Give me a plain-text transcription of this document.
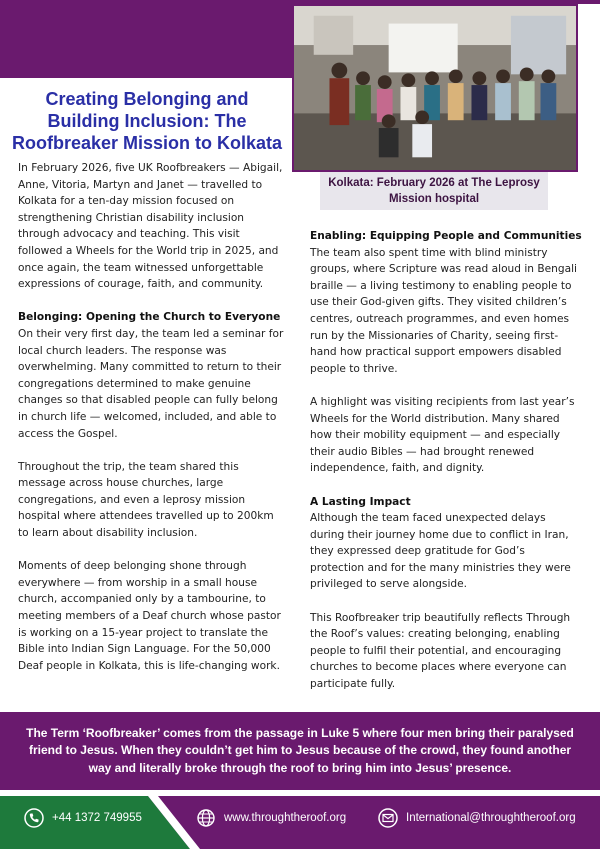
Kolkata: February 2026 at The Leprosy Mission hospital
Creating Belonging and Building Inclusion: The Roofbreaker Mission to Kolkata

In February 2026, five UK Roofbreakers — Abigail, Anne, Vitoria, Martyn and Janet — travelled to Kolkata for a ten-day mission focused on strengthening Christian disability inclusion through advocacy and teaching. This visit followed a Wheels for the World trip in 2025, and once again, the team witnessed unforgettable expressions of courage, faith, and community.

Belonging: Opening the Church to Everyone

On their very first day, the team led a seminar for local church leaders. The response was overwhelming. Many committed to return to their congregations determined to make genuine changes so that disabled people can fully belong in church life — welcomed, included, and able to access the Gospel.

Throughout the trip, the team shared this message across house churches, large congregations, and even a leprosy mission hospital where attendees travelled up to 200km to learn about disability inclusion.

Moments of deep belonging shone through everywhere — from worship in a small house church, accompanied only by a tambourine, to meeting members of a Deaf church whose pastor is working on a 15-year project to translate the Bible into Indian Sign Language. For the 50,000 Deaf people in Kolkata, this is life-changing work.

Enabling: Equipping People and Communities

The team also spent time with blind ministry groups, where Scripture was read aloud in Bengali braille — a living testimony to enabling people to use their God-given gifts. They visited children’s centres, outreach programmes, and even homes run by the Missionaries of Charity, seeing first-hand how practical support empowers disabled people to thrive.

A highlight was visiting recipients from last year’s Wheels for the World distribution. Many shared how their mobility equipment — and especially their audio Bibles — had brought renewed independence, faith, and dignity.

A Lasting Impact

Although the team faced unexpected delays during their journey home due to conflict in Iran, they expressed deep gratitude for God’s protection and for the many ministries they were privileged to serve alongside.

This Roofbreaker trip beautifully reflects Through the Roof’s values: creating belonging, enabling people to fulfil their potential, and encouraging churches to become places where everyone can participate fully.

The Term ‘Roofbreaker’ comes from the passage in Luke 5 where four men bring their paralysed friend to Jesus. When they couldn’t get him to Jesus because of the crowd, they found another way and literally broke through the roof to bring him into Jesus’ presence.

+44 1372 749955	www.throughtheroof.org	International@throughtheroof.org
